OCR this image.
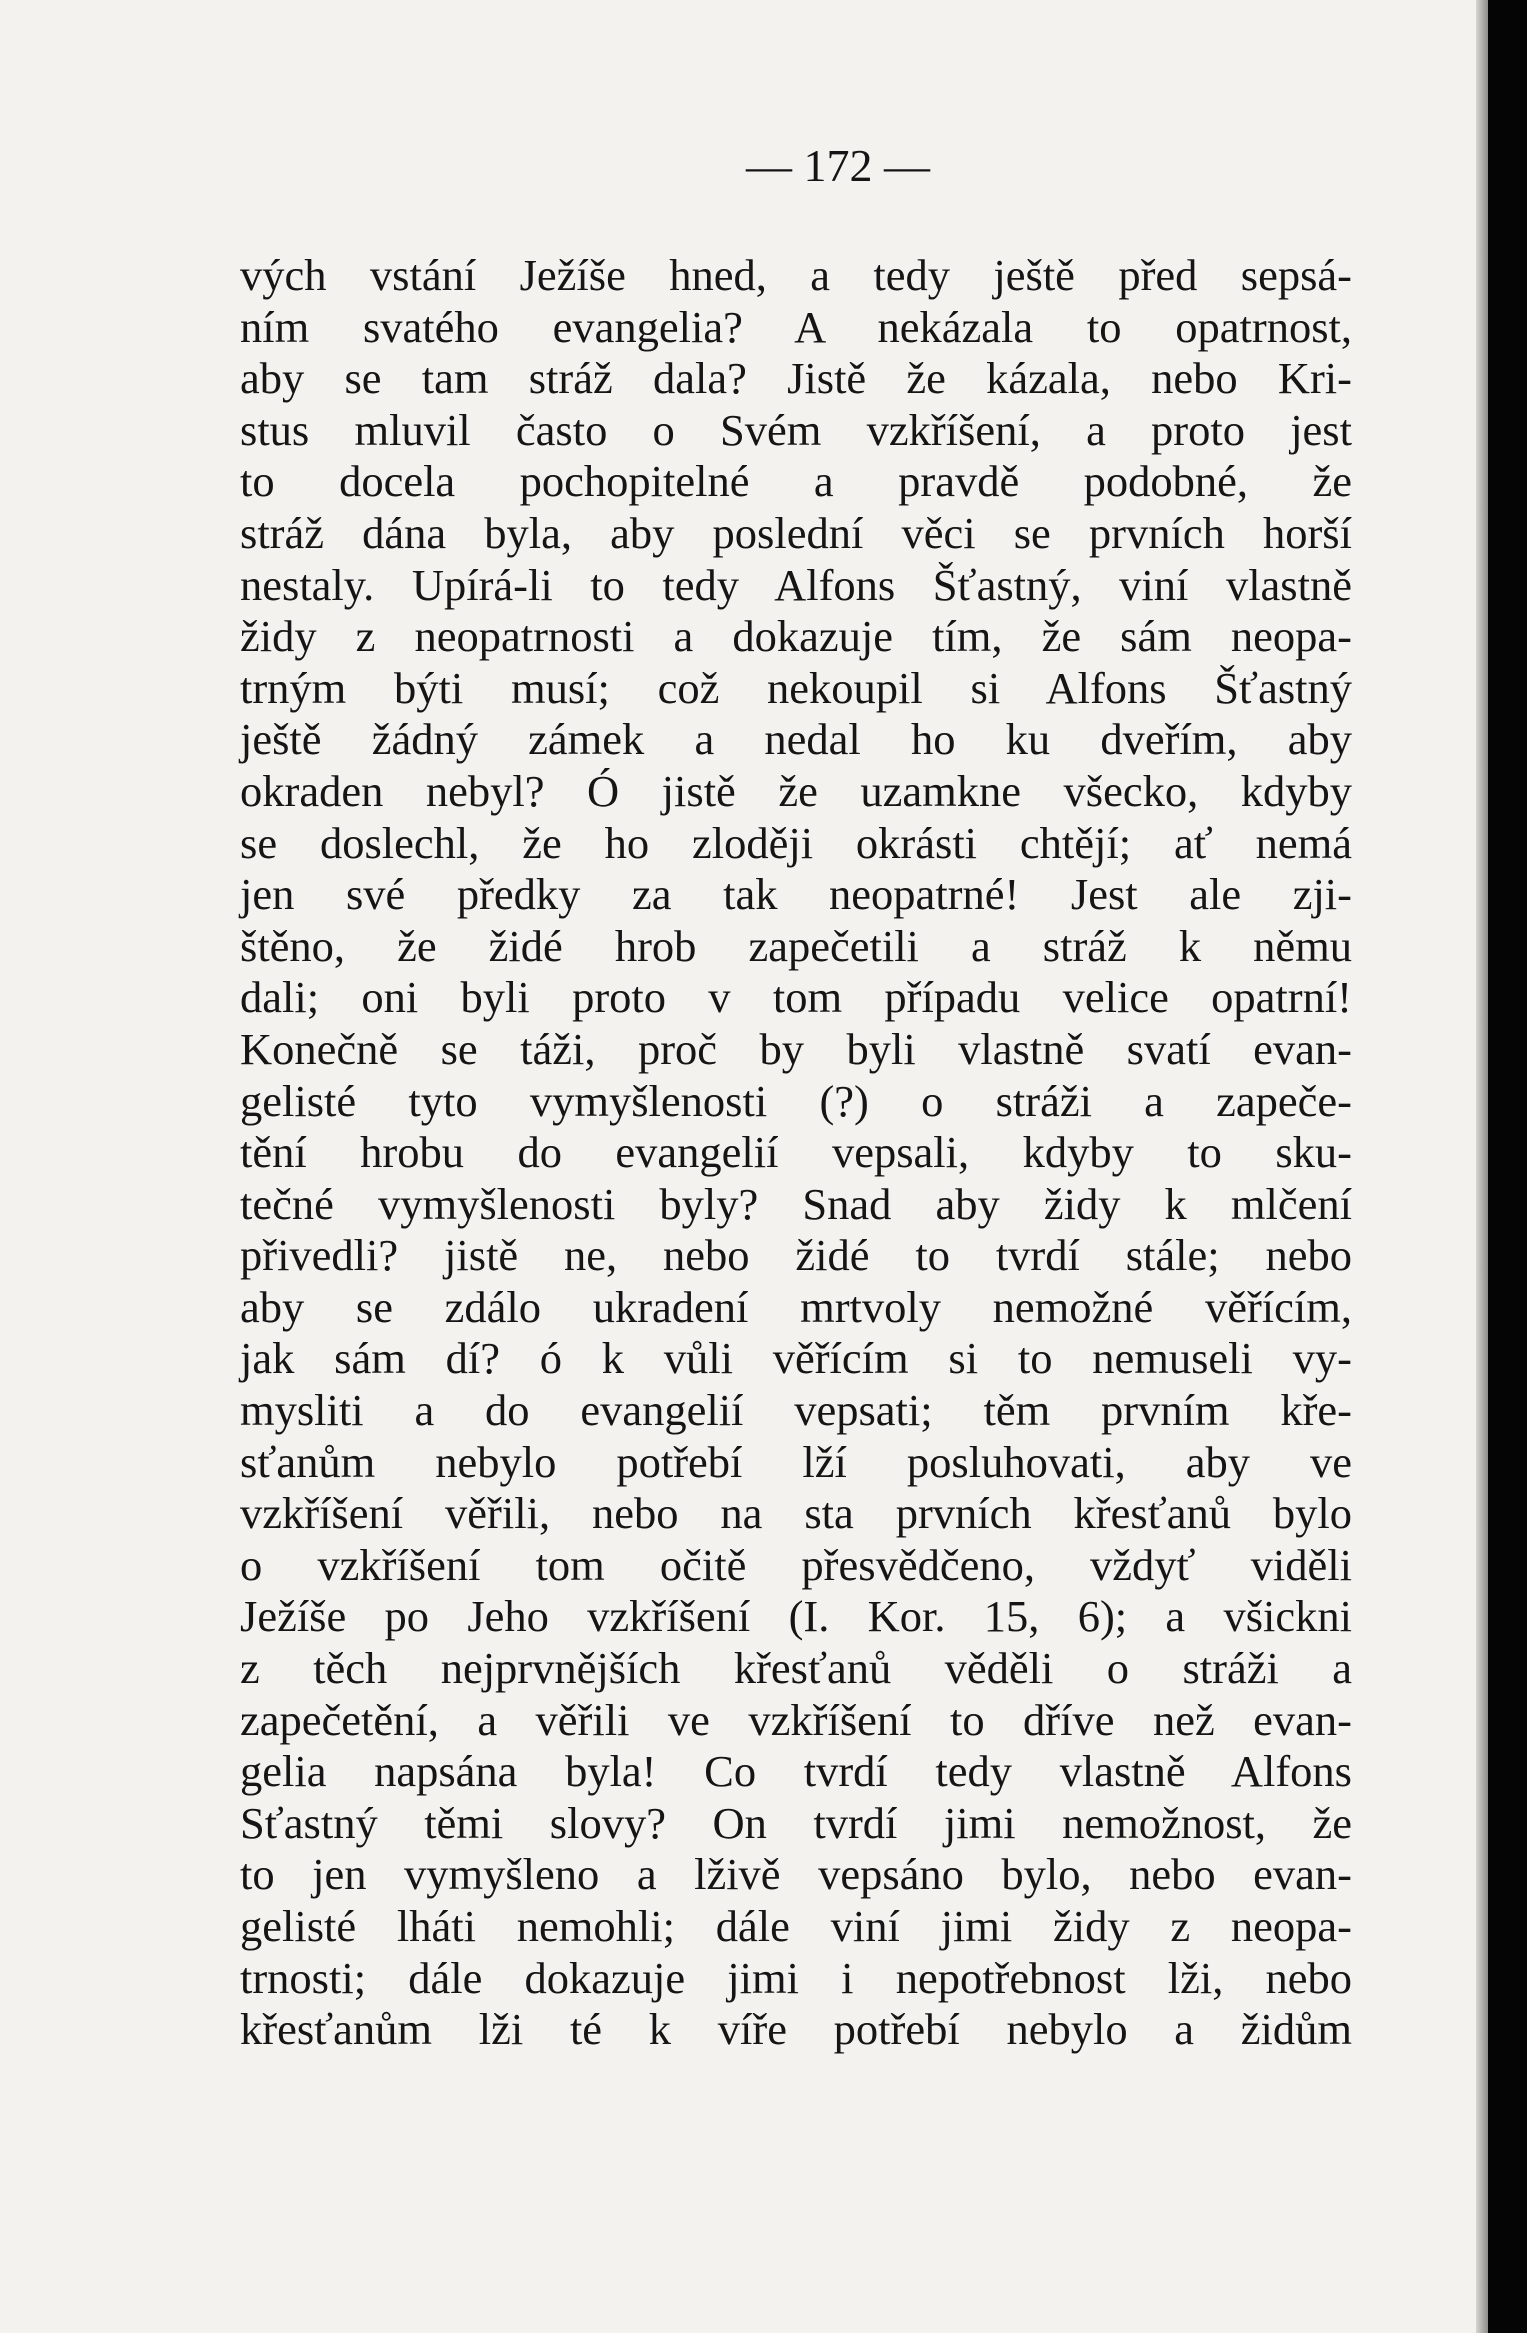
— 172 —
vých vstání Ježíše hned, a tedy ještě před sepsá-
ním svatého evangelia? A nekázala to opatrnost,
aby se tam stráž dala? Jistě že kázala, nebo Kri-
stus mluvil často o Svém vzkříšení, a proto jest
to docela pochopitelné a pravdě podobné, že
stráž dána byla, aby poslední věci se prvních horší
nestaly. Upírá-li to tedy Alfons Šťastný, viní vlastně
židy z neopatrnosti a dokazuje tím, že sám neopa-
trným býti musí; což nekoupil si Alfons Šťastný
ještě žádný zámek a nedal ho ku dveřím, aby
okraden nebyl? Ó jistě že uzamkne všecko, kdyby
se doslechl, že ho zloději okrásti chtějí; ať nemá
jen své předky za tak neopatrné! Jest ale zji-
štěno, že židé hrob zapečetili a stráž k němu
dali; oni byli proto v tom případu velice opatrní!
Konečně se táži, proč by byli vlastně svatí evan-
gelisté tyto vymyšlenosti (?) o stráži a zapeče-
tění hrobu do evangelií vepsali, kdyby to sku-
tečné vymyšlenosti byly? Snad aby židy k mlčení
přivedli? jistě ne, nebo židé to tvrdí stále; nebo
aby se zdálo ukradení mrtvoly nemožné věřícím,
jak sám dí? ó k vůli věřícím si to nemuseli vy-
mysliti a do evangelií vepsati; těm prvním kře-
sťanům nebylo potřebí lží posluhovati, aby ve
vzkříšení věřili, nebo na sta prvních křesťanů bylo
o vzkříšení tom očitě přesvědčeno, vždyť viděli
Ježíše po Jeho vzkříšení (I. Kor. 15, 6); a všickni
z těch nejprvnějších křesťanů věděli o stráži a
zapečetění, a věřili ve vzkříšení to dříve než evan-
gelia napsána byla! Co tvrdí tedy vlastně Alfons
Sťastný těmi slovy? On tvrdí jimi nemožnost, že
to jen vymyšleno a lživě vepsáno bylo, nebo evan-
gelisté lháti nemohli; dále viní jimi židy z neopa-
trnosti; dále dokazuje jimi i nepotřebnost lži, nebo
křesťanům lži té k víře potřebí nebylo a židům
